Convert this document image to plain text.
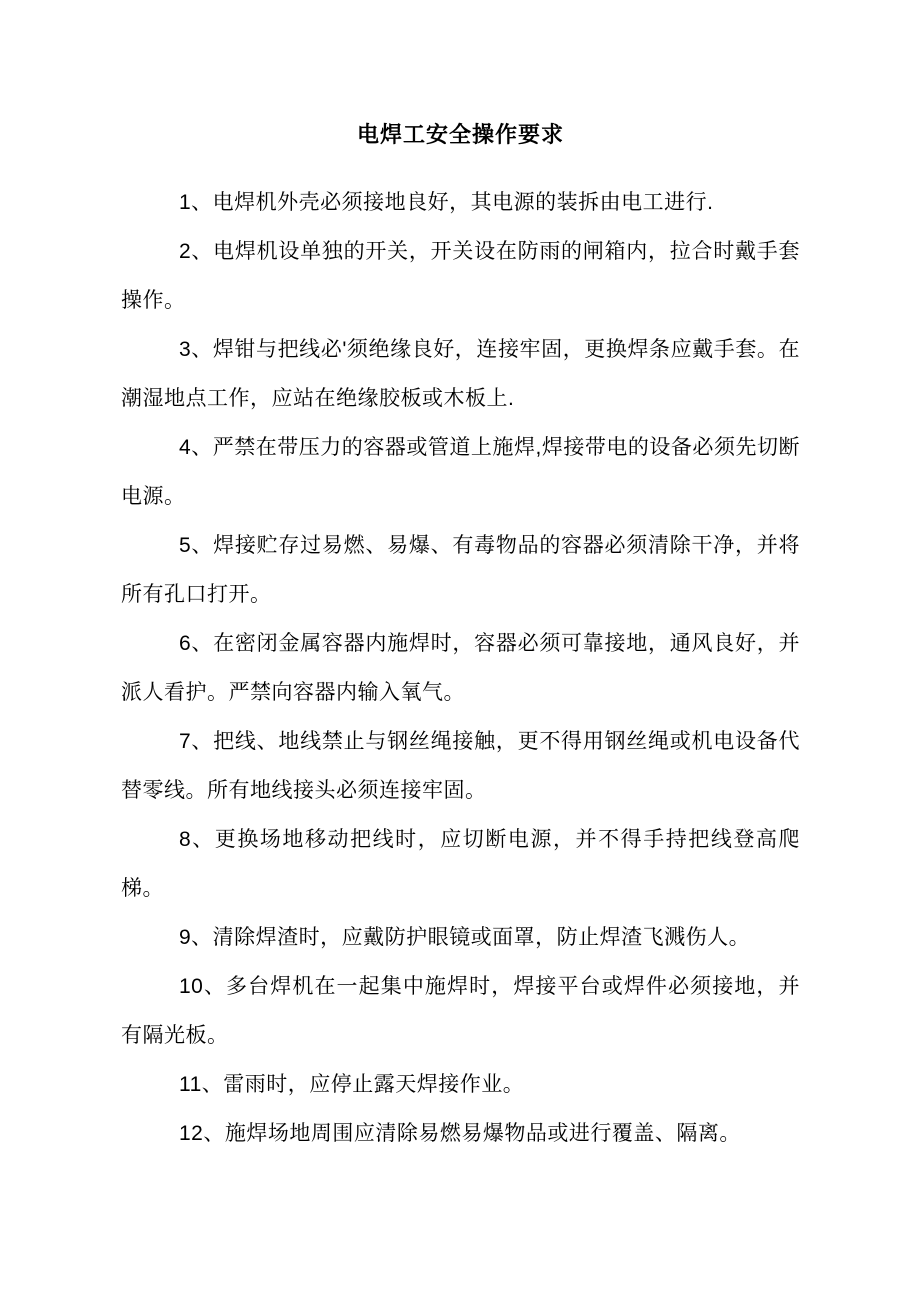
电焊工安全操作要求

1、电焊机外壳必须接地良好，其电源的装拆由电工进行.

2、电焊机设单独的开关，开关设在防雨的闸箱内，拉合时戴手套操作。

3、焊钳与把线必'须绝缘良好，连接牢固，更换焊条应戴手套。在潮湿地点工作，应站在绝缘胶板或木板上.

4、严禁在带压力的容器或管道上施焊,焊接带电的设备必须先切断电源。

5、焊接贮存过易燃、易爆、有毒物品的容器必须清除干净，并将所有孔口打开。

6、在密闭金属容器内施焊时，容器必须可靠接地，通风良好，并派人看护。严禁向容器内输入氧气。

7、把线、地线禁止与钢丝绳接触，更不得用钢丝绳或机电设备代替零线。所有地线接头必须连接牢固。

8、更换场地移动把线时，应切断电源，并不得手持把线登高爬梯。

9、清除焊渣时，应戴防护眼镜或面罩，防止焊渣飞溅伤人。

10、多台焊机在一起集中施焊时，焊接平台或焊件必须接地，并有隔光板。

11、雷雨时，应停止露天焊接作业。

12、施焊场地周围应清除易燃易爆物品或进行覆盖、隔离。
